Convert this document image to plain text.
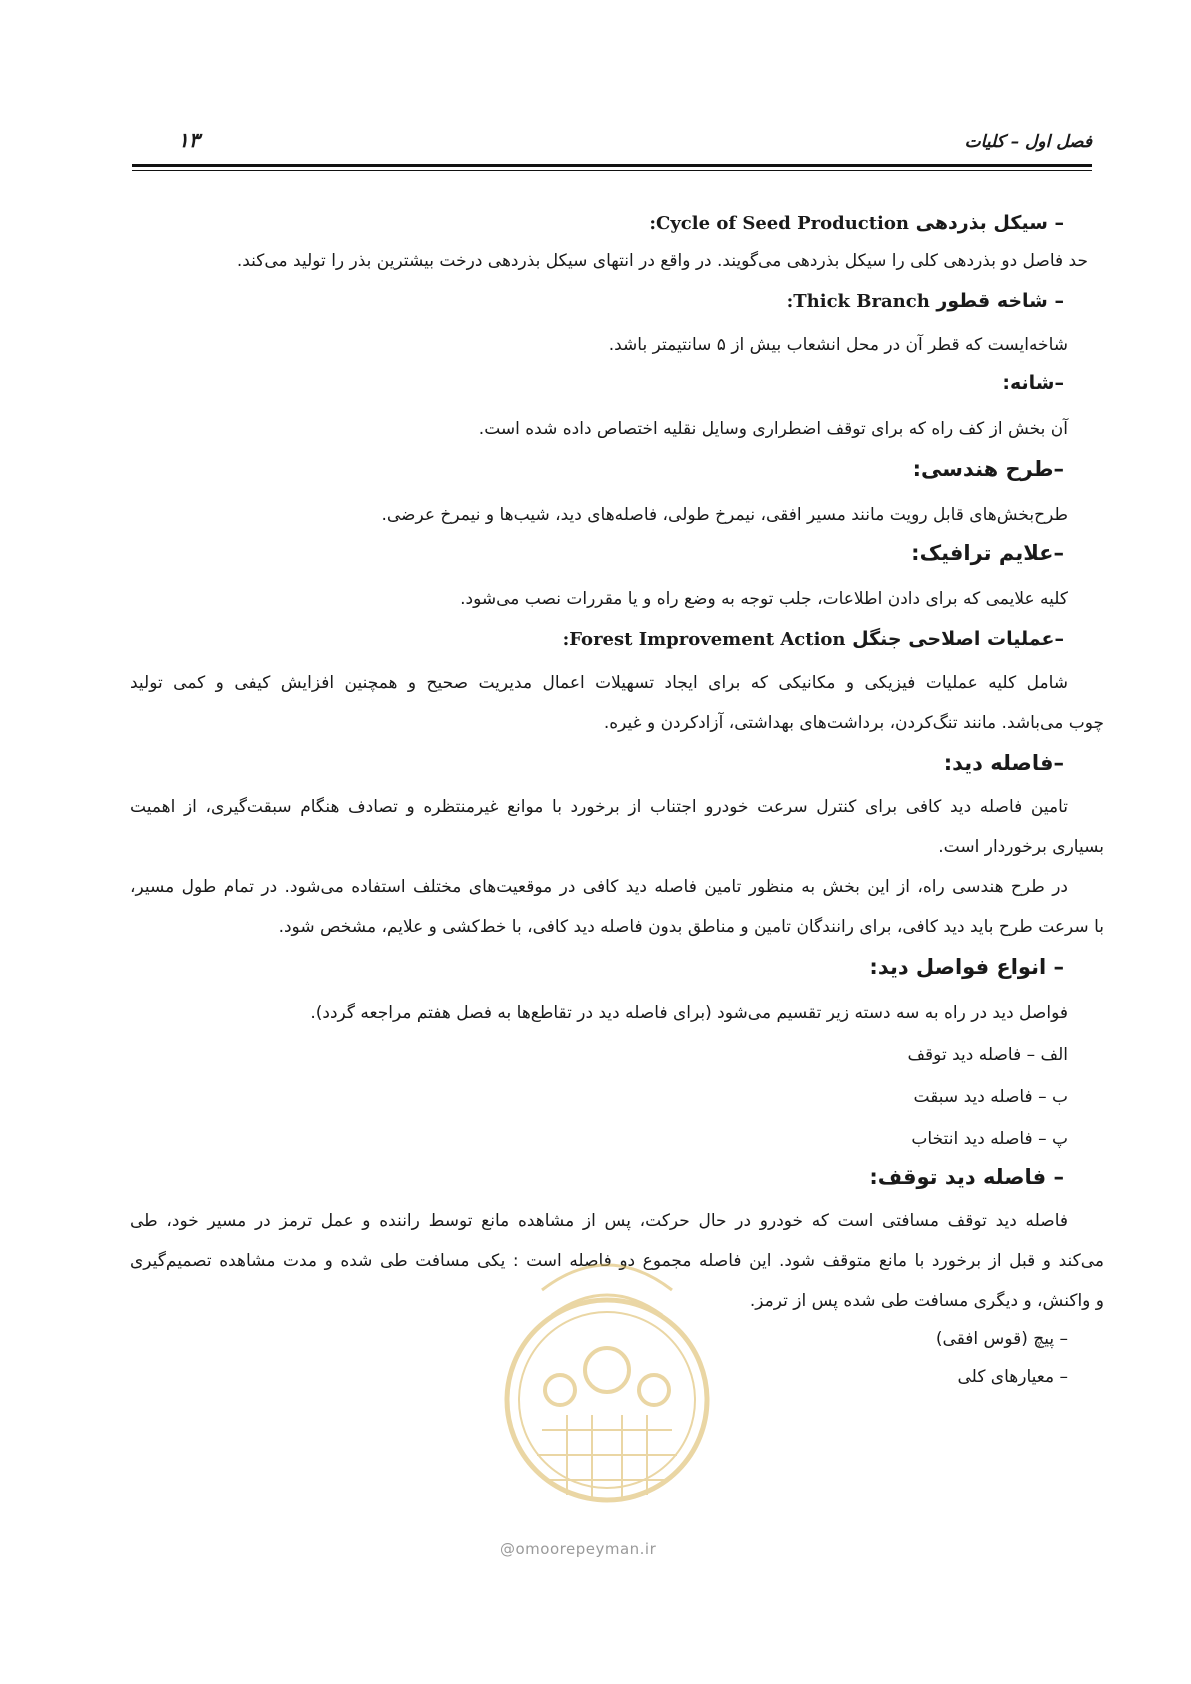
فصل اول – کلیات
۱۳
– سیکل بذردهی Cycle of Seed Production:
حد فاصل دو بذردهی کلی را سیکل بذردهی می‌گویند. در واقع در انتهای سیکل بذردهی درخت بیشترین بذر را تولید می‌کند.
– شاخه قطور Thick Branch:
شاخه‌ایست که قطر آن در محل انشعاب بیش از ۵ سانتیمتر باشد.
–شانه:
آن بخش از کف راه که برای توقف اضطراری وسایل نقلیه اختصاص داده شده است.
–طرح هندسی:
طرح‌بخش‌های قابل رویت مانند مسیر افقی، نیمرخ طولی، فاصله‌های دید، شیب‌ها و نیمرخ عرضی.
–علایم ترافیک:
کلیه علایمی که برای دادن اطلاعات، جلب توجه به وضع راه و یا مقررات نصب می‌شود.
–عملیات اصلاحی جنگل Forest Improvement Action:
شامل کلیه عملیات فیزیکی و مکانیکی که برای ایجاد تسهیلات اعمال مدیریت صحیح و همچنین افزایش کیفی و کمی تولید
چوب می‌باشد. مانند تنگ‌کردن، برداشت‌های بهداشتی، آزادکردن و غیره.
–فاصله دید:
تامین فاصله دید کافی برای کنترل سرعت خودرو اجتناب از برخورد با موانع غیرمنتظره و تصادف هنگام سبقت‌گیری، از اهمیت
بسیاری برخوردار است.
در طرح هندسی راه، از این بخش به منظور تامین فاصله دید کافی در موقعیت‌های مختلف استفاده می‌شود. در تمام طول مسیر،
با سرعت طرح باید دید کافی، برای رانندگان تامین و مناطق بدون فاصله دید کافی، با خط‌کشی و علایم، مشخص شود.
– انواع فواصل دید:
فواصل دید در راه به سه دسته زیر تقسیم می‌شود (برای فاصله دید در تقاطع‌ها به فصل هفتم مراجعه گردد).
الف – فاصله دید توقف
ب – فاصله دید سبقت
پ – فاصله دید انتخاب
– فاصله دید توقف:
فاصله دید توقف مسافتی است که خودرو در حال حرکت، پس از مشاهده مانع توسط راننده و عمل ترمز در مسیر خود، طی
می‌کند و قبل از برخورد با مانع متوقف شود. این فاصله مجموع دو فاصله است : یکی مسافت طی شده و مدت مشاهده تصمیم‌گیری
و واکنش، و دیگری مسافت طی شده پس از ترمز.
– پیچ (قوس افقی)
– معیارهای کلی
@omoorepeyman.ir
